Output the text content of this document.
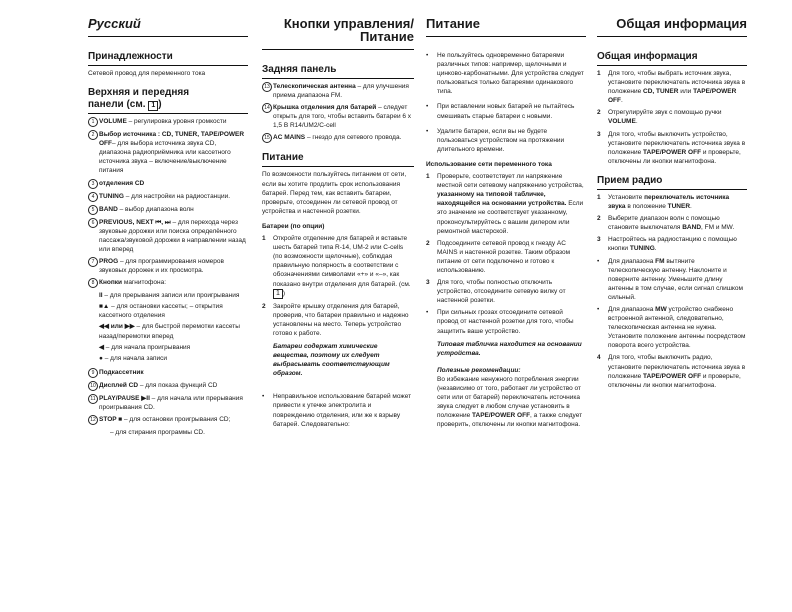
Русский
Принадлежности
Сетевой провод для переменного тока
Верхняя и передняя
панели (см. 1 )
1 VOLUME – регулировка уровня громкости
2 Выбор источника : CD, TUNER, TAPE/POWER OFF– для выбора источника звука CD, диапазона радиоприёмника или кассетного источника звука – включение/выключение питания
3 отделения CD
4 TUNING – для настройки на радиостанции.
5 BAND – выбор диапазона волн
6 PREVIOUS, NEXT ⏮, ⏭ – для перехода через звуковые дорожки или поиска определённого пассажа/звуковой дорожки в направлении назад или вперед
7 PROG – для программирования номеров звуковых дорожек и их просмотра.
8 Кнопки магнитофона:
II – для прерывания записи или проигрывания
■▲ – для остановки кассеты; – открытия кассетного отделения
◀◀ или ▶▶ – для быстрой перемотки кассеты назад/перемотки вперед
◀ – для начала проигрывания
● – для начала записи
9 Подкассетник
10 Дисплей CD – для показа функций CD
11 PLAY/PAUSE ▶II – для начала или прерывания проигрывания CD.
12 STOP ■ – для остановки проигрывания CD;
– для стирания программы CD.
Кнопки управления/
Питание
Задняя панель
13 Телескопическая антенна – для улучшения приема диапазона FM.
14 Крышка отделения для батарей – следует открыть для того, чтобы вставить батареи 6 x 1,5 В R14/UM2/C-cell
15 AC MAINS – гнездо для сетевого провода.
Питание
По возможности пользуйтесь питанием от сети, если вы хотите продлить срок использования батарей. Перед тем, как вставить батареи, проверьте, отсоединен ли сетевой провод от устройства и настенной розетки.
Батареи (по опции)
1	Откройте отделение для батарей и вставьте шесть батарей типа R-14, UM-2 или C-cells (по возможности щелочные), соблюдая правильную полярность в соответствии с обозначениями символами «+» и «–», как показано внутри отделения для батарей. (см. 1 )
2	Закройте крышку отделения для батарей, проверив, что батареи правильно и надежно установлены на место. Теперь устройство готово к работе.
Батареи содержат химические вещества, поэтому их следует выбрасывать соответствующим образом.
•	Неправильное использование батарей может привести к утечке электролита и повреждению отделения, или же к взрыву батарей. Следовательно:
Питание
•	Не пользуйтесь одновременно батареями различных типов: например, щелочными и цинково-карбонатными. Для устройства следует пользоваться только батареями одинакового типа.
•	При вставлении новых батарей не пытайтесь смешивать старые батареи с новыми.
•	Удалите батареи, если вы не будете пользоваться устройством на протяжении длительного времени.
Использование сети переменного тока
1	Проверьте, соответствует ли напряжение местной сети сетевому напряжению устройства, указанному на типовой табличке, находящейся на основании устройства. Если это значение не соответствует указанному, проконсультируйтесь с вашим дилером или ремонтной мастерской.
2	Подсоедините сетевой провод к гнезду AC MAINS и настенной розетке. Таким образом питание от сети подключено и готово к использованию.
3	Для того, чтобы полностью отключить устройство, отсоедините сетевую вилку от настенной розетки.
•	При сильных грозах отсоедините сетевой провод от настенной розетки для того, чтобы защитить ваше устройство.
Типовая табличка находится на основании устройства.
Полезные рекомендации:
Во избежание ненужного потребления энергии (независимо от того, работает ли устройство от сети или от батарей) переключатель источника звука следует в любом случае установить в положение TAPE/POWER OFF, а также следует проверить, отключены ли кнопки магнитофона.
Общая информация
Общая информация
1	Для того, чтобы выбрать источник звука, установите переключатель источника звука в положение CD, TUNER или TAPE/POWER OFF.
2	Отрегулируйте звук с помощью ручки VOLUME.
3	Для того, чтобы выключить устройство, установите переключатель источника звука в положение TAPE/POWER OFF и проверьте, отключены ли кнопки магнитофона.
Прием радио
1	Установите переключатель источника звука в положение TUNER.
2	Выберите диапазон волн с помощью становите выключателя BAND, FM и MW.
3	Настройтесь на радиостанцию с помощью кнопки TUNING.
•	Для диапазона FM вытяните телескопическую антенну. Наклоните и поверните антенну. Уменьшите длину антенны в том случае, если сигнал слишком сильный.
•	Для диапазона MW устройство снабжено встроенной антенной, следовательно, телескопическая антенна не нужна. Установите положение антенны посредством поворота всего устройства.
4	Для того, чтобы выключить радио, установите переключатель источника звука в положение TAPE/POWER OFF и проверьте, отключены ли кнопки магнитофона.
